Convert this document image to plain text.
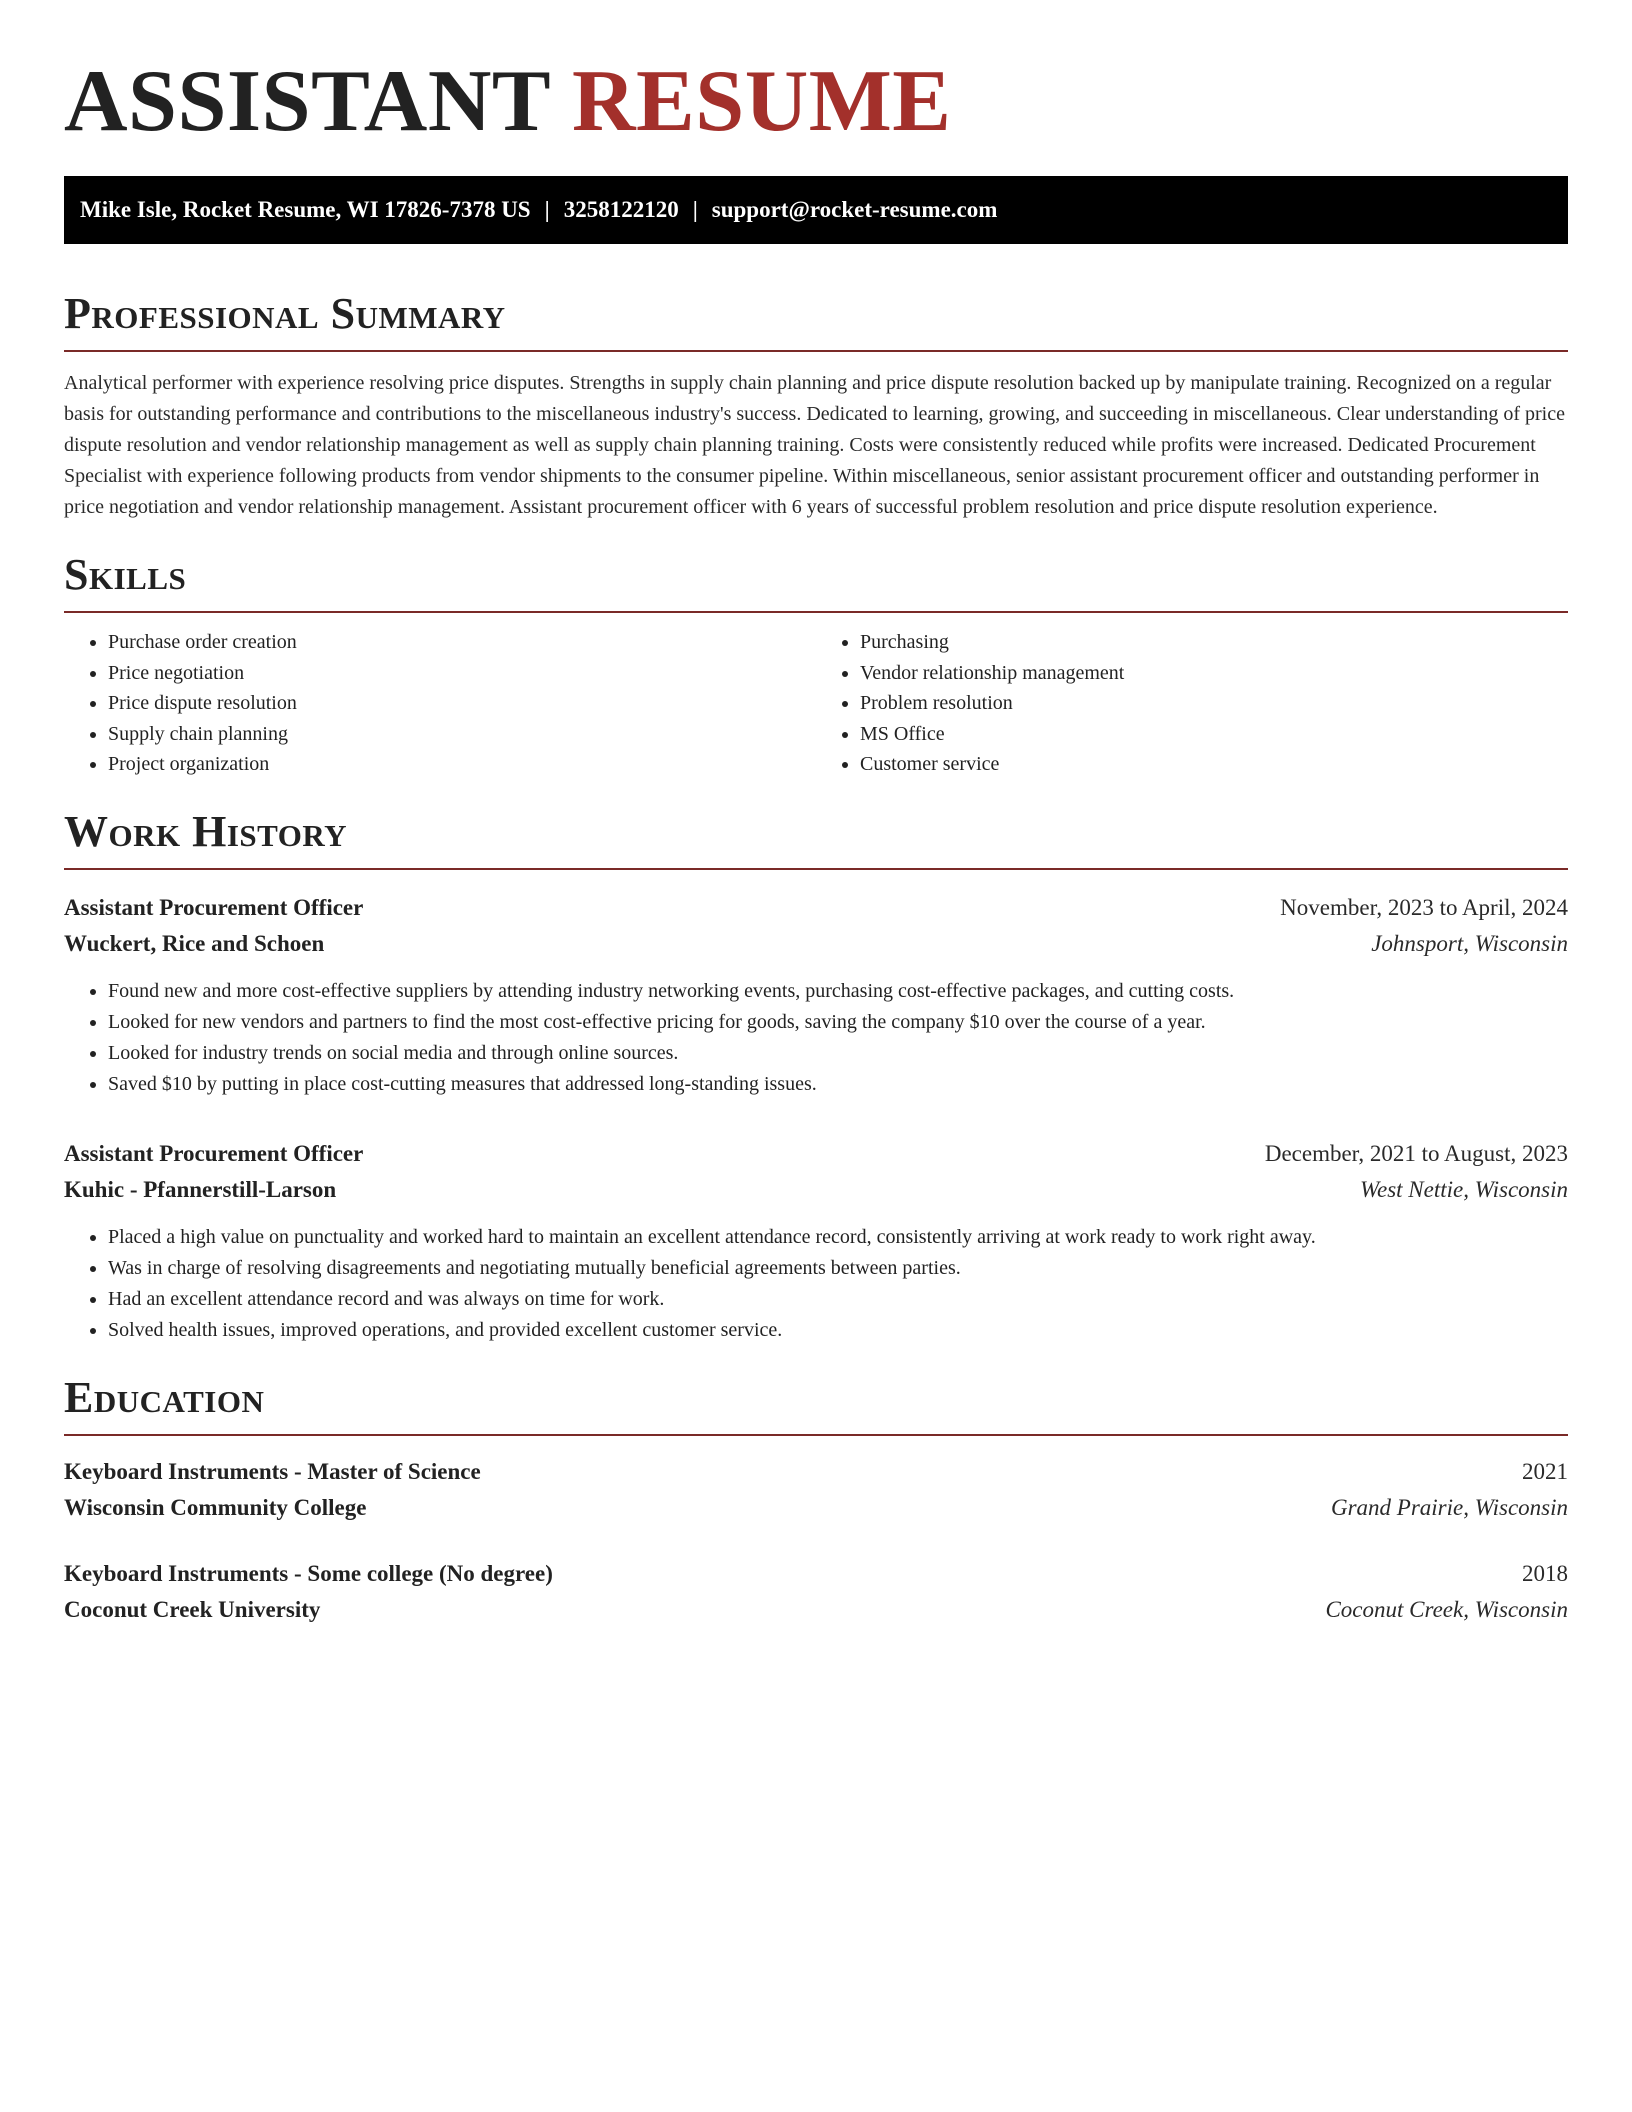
ASSISTANT RESUME
Mike Isle, Rocket Resume, WI 17826-7378 US | 3258122120 | support@rocket-resume.com
Professional Summary

Analytical performer with experience resolving price disputes. Strengths in supply chain planning and price dispute resolution backed up by manipulate training. Recognized on a regular basis for outstanding performance and contributions to the miscellaneous industry's success. Dedicated to learning, growing, and succeeding in miscellaneous. Clear understanding of price dispute resolution and vendor relationship management as well as supply chain planning training. Costs were consistently reduced while profits were increased. Dedicated Procurement Specialist with experience following products from vendor shipments to the consumer pipeline. Within miscellaneous, senior assistant procurement officer and outstanding performer in price negotiation and vendor relationship management. Assistant procurement officer with 6 years of successful problem resolution and price dispute resolution experience.

Skills
• Purchase order creation
• Price negotiation
• Price dispute resolution
• Supply chain planning
• Project organization
• Purchasing
• Vendor relationship management
• Problem resolution
• MS Office
• Customer service
Work History
Assistant Procurement Officer	November, 2023 to April, 2024
Wuckert, Rice and Schoen	Johnsport, Wisconsin
• Found new and more cost-effective suppliers by attending industry networking events, purchasing cost-effective packages, and cutting costs.
• Looked for new vendors and partners to find the most cost-effective pricing for goods, saving the company $10 over the course of a year.
• Looked for industry trends on social media and through online sources.
• Saved $10 by putting in place cost-cutting measures that addressed long-standing issues.
Assistant Procurement Officer	December, 2021 to August, 2023
Kuhic - Pfannerstill-Larson	West Nettie, Wisconsin
• Placed a high value on punctuality and worked hard to maintain an excellent attendance record, consistently arriving at work ready to work right away.
• Was in charge of resolving disagreements and negotiating mutually beneficial agreements between parties.
• Had an excellent attendance record and was always on time for work.
• Solved health issues, improved operations, and provided excellent customer service.
Education
Keyboard Instruments - Master of Science	2021
Wisconsin Community College	Grand Prairie, Wisconsin
Keyboard Instruments - Some college (No degree)	2018
Coconut Creek University	Coconut Creek, Wisconsin
